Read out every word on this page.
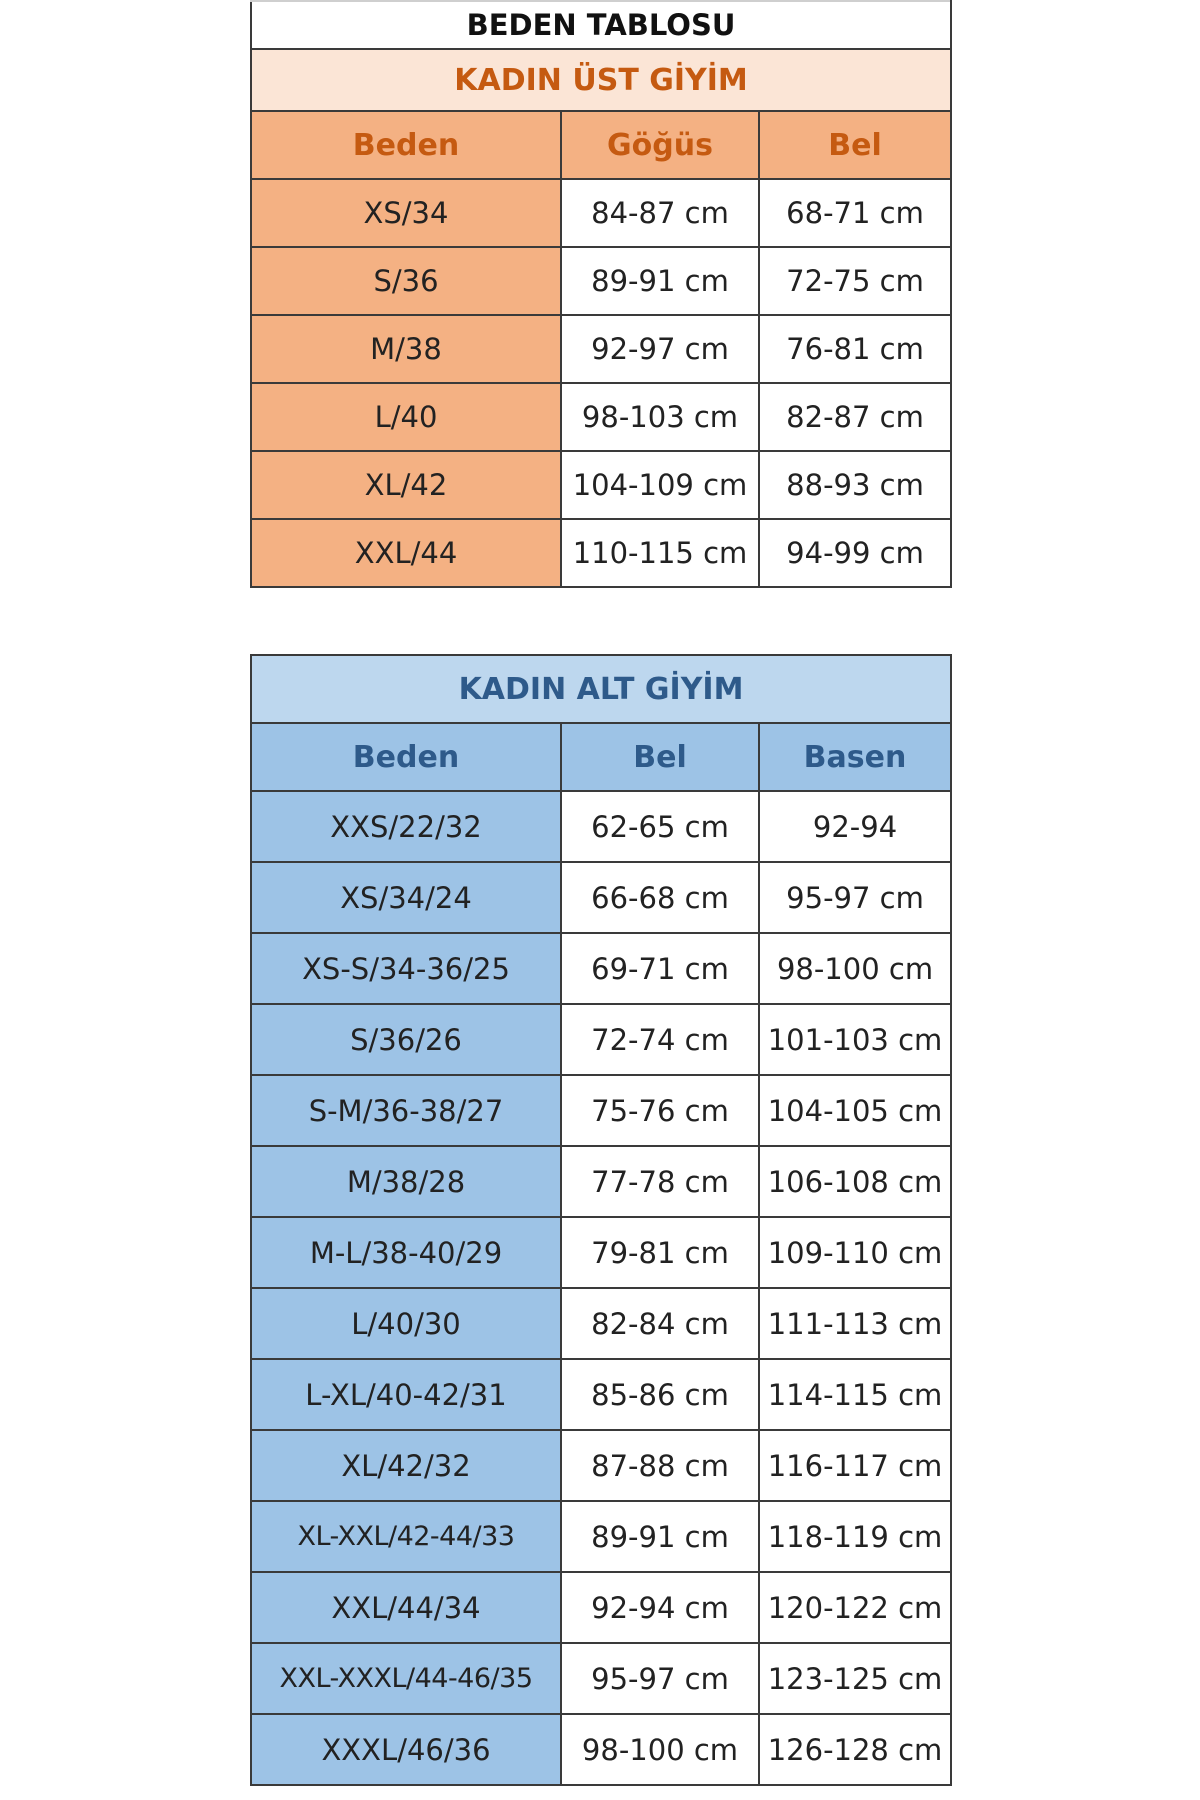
BEDEN TABLOSU		
KADIN ÜST GİYİM		
Beden	Göğüs	Bel
XS/34	84-87 cm	68-71 cm
S/36	89-91 cm	72-75 cm
M/38	92-97 cm	76-81 cm
L/40	98-103 cm	82-87 cm
XL/42	104-109 cm	88-93 cm
XXL/44	110-115 cm	94-99 cm

KADIN ALT GİYİM		
Beden	Bel	Basen
XXS/22/32	62-65 cm	92-94
XS/34/24	66-68 cm	95-97 cm
XS-S/34-36/25	69-71 cm	98-100 cm
S/36/26	72-74 cm	101-103 cm
S-M/36-38/27	75-76 cm	104-105 cm
M/38/28	77-78 cm	106-108 cm
M-L/38-40/29	79-81 cm	109-110 cm
L/40/30	82-84 cm	111-113 cm
L-XL/40-42/31	85-86 cm	114-115 cm
XL/42/32	87-88 cm	116-117 cm
XL-XXL/42-44/33	89-91 cm	118-119 cm
XXL/44/34	92-94 cm	120-122 cm
XXL-XXXL/44-46/35	95-97 cm	123-125 cm
XXXL/46/36	98-100 cm	126-128 cm
